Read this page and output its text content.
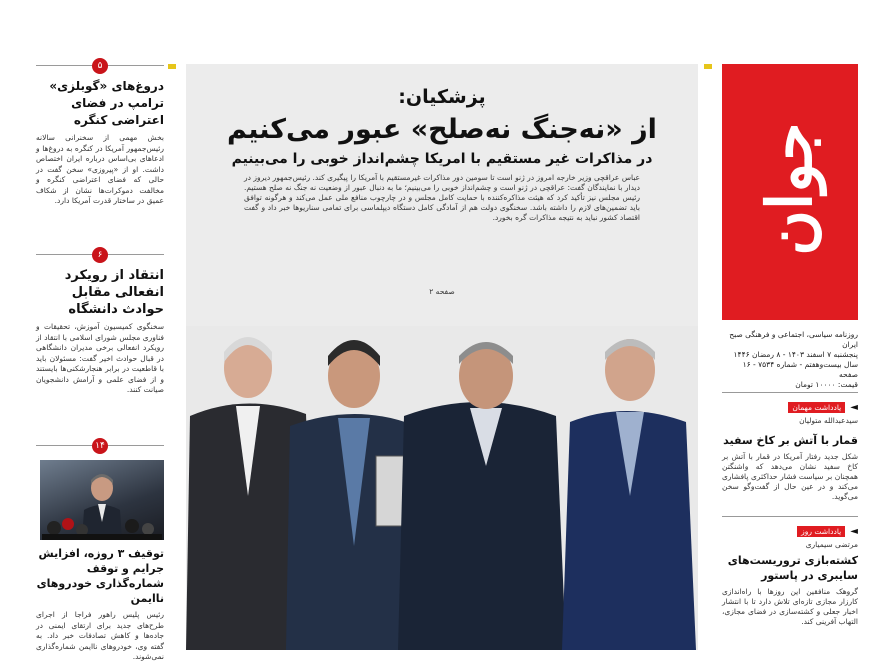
۵
دروغ‌های «گوبلزی» ترامپ در فضای اعتراضی کنگره
بخش مهمی از سخنرانی سالانه رئیس‌جمهور آمریکا در کنگره به دروغ‌ها و ادعاهای بی‌اساس درباره ایران اختصاص داشت. او از «پیروزی» سخن گفت در حالی که فضای اعتراضی کنگره و مخالفت دموکرات‌ها نشان از شکاف عمیق در ساختار قدرت آمریکا دارد.
۶
انتقاد از رویکرد انفعالی مقابل حوادث دانشگاه
سخنگوی کمیسیون آموزش، تحقیقات و فناوری مجلس شورای اسلامی با انتقاد از رویکرد انفعالی برخی مدیران دانشگاهی در قبال حوادث اخیر گفت: مسئولان باید با قاطعیت در برابر هنجارشکنی‌ها بایستند و از فضای علمی و آرامش دانشجویان صیانت کنند.
۱۴
توقیف ۳ روزه، افزایش جرایم و توقف شماره‌گذاری خودروهای ناایمن
رئیس پلیس راهور فراجا از اجرای طرح‌های جدید برای ارتقای ایمنی در جاده‌ها و کاهش تصادفات خبر داد. به گفته وی، خودروهای ناایمن شماره‌گذاری نمی‌شوند.
پزشکیان:
از «نه‌جنگ نه‌صلح» عبور می‌کنیم
در مذاکرات غیر مستقیم با امریکا چشم‌انداز خوبی را می‌بینیم
عباس عراقچی وزیر خارجه امروز در ژنو است تا سومین دور مذاکرات غیرمستقیم با آمریکا را پیگیری کند. رئیس‌جمهور دیروز در دیدار با نمایندگان گفت: عراقچی در ژنو است و چشم‌انداز خوبی را می‌بینیم؛ ما به دنبال عبور از وضعیت نه جنگ نه صلح هستیم. رئیس مجلس نیز تأکید کرد که هیئت مذاکره‌کننده با حمایت کامل مجلس و در چارچوب منافع ملی عمل می‌کند و هرگونه توافق باید تضمین‌های لازم را داشته باشد. سخنگوی دولت هم از آمادگی کامل دستگاه دیپلماسی برای تمامی سناریوها خبر داد و گفت اقتصاد کشور نباید به نتیجه مذاکرات گره بخورد.
صفحه ۲
جوان
روزنامه سیاسی، اجتماعی و فرهنگی صبح ایران
پنجشنبه ۷ اسفند ۱۴۰۳ - ۸ رمضان ۱۴۴۶
سال بیست‌وهفتم - شماره ۷۵۳۴ - ۱۶ صفحه
قیمت: ۱۰۰۰۰ تومان
◄ یادداشت مهمان
سیدعبدالله متولیان
قمار با آتش بر کاخ سفید
شکل جدید رفتار آمریکا در قمار با آتش بر کاخ سفید نشان می‌دهد که واشنگتن همچنان بر سیاست فشار حداکثری پافشاری می‌کند و در عین حال از گفت‌وگو سخن می‌گوید.
◄ یادداشت روز
مرتضی سیمیاری
کشته‌بازی تروریست‌های سایبری در پاستور
گروهک منافقین این روزها با راه‌اندازی کارزار مجازی تازه‌ای تلاش دارد تا با انتشار اخبار جعلی و کشته‌سازی در فضای مجازی، التهاب آفرینی کند.
